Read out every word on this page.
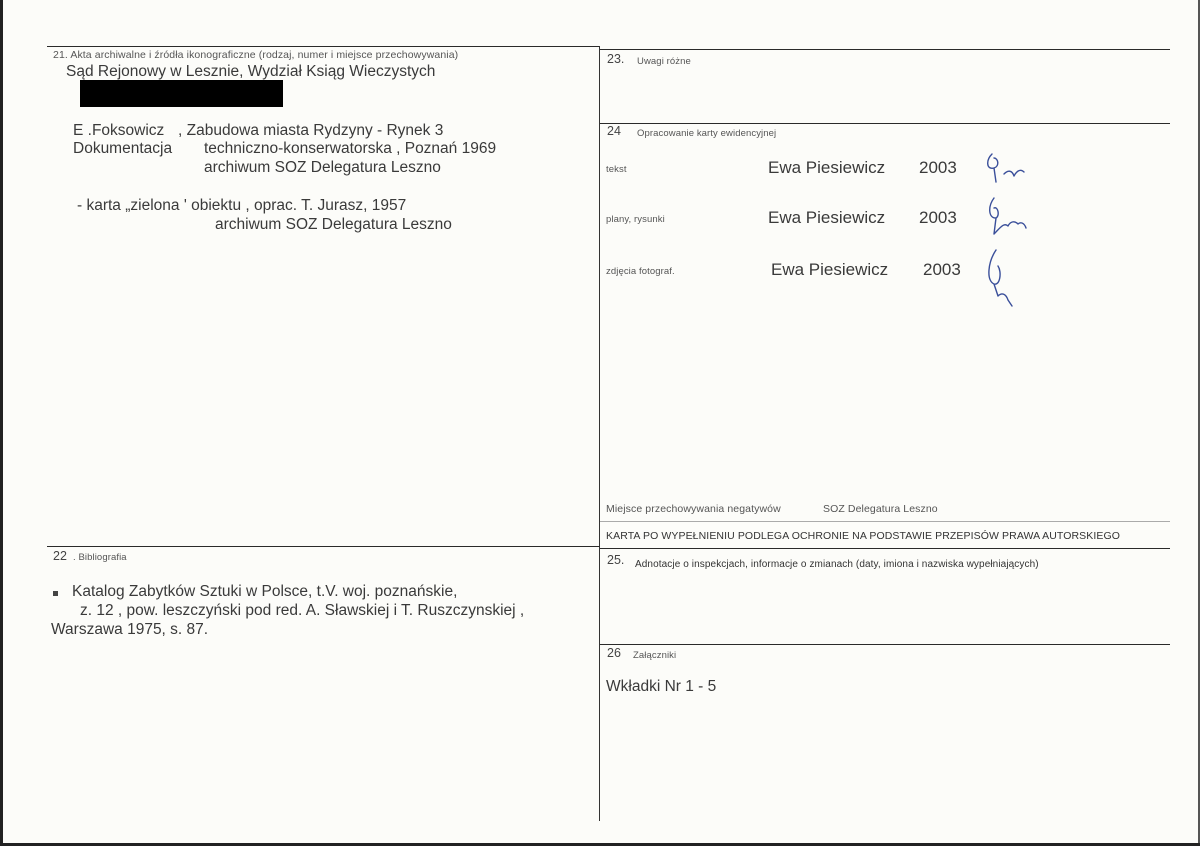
21. Akta archiwalne i źródła ikonograficzne (rodzaj, numer i miejsce przechowywania)
Sąd Rejonowy w Lesznie, Wydział Ksiąg Wieczystych
E .Foksowicz , Zabudowa miasta Rydzyny - Rynek 3
Dokumentacja techniczno-konserwatorska , Poznań 1969
archiwum SOZ Delegatura Leszno
- karta „zielona ' obiektu , oprac. T. Jurasz, 1957
archiwum SOZ Delegatura Leszno
22 . Bibliografia
Katalog Zabytków Sztuki w Polsce, t.V. woj. poznańskie,
z. 12 , pow. leszczyński pod red. A. Sławskiej i T. Ruszczynskiej ,
Warszawa 1975, s. 87.
23. Uwagi różne
24 Opracowanie karty ewidencyjnej
tekst	Ewa Piesiewicz 2003
plany, rysunki	Ewa Piesiewicz 2003
zdjęcia fotograf.	Ewa Piesiewicz 2003
Miejsce przechowywania negatywów	SOZ Delegatura Leszno
KARTA PO WYPEŁNIENIU PODLEGA OCHRONIE NA PODSTAWIE PRZEPISÓW PRAWA AUTORSKIEGO
25. Adnotacje o inspekcjach, informacje o zmianach (daty, imiona i nazwiska wypełniających)
26 Załączniki
Wkładki Nr 1 - 5
